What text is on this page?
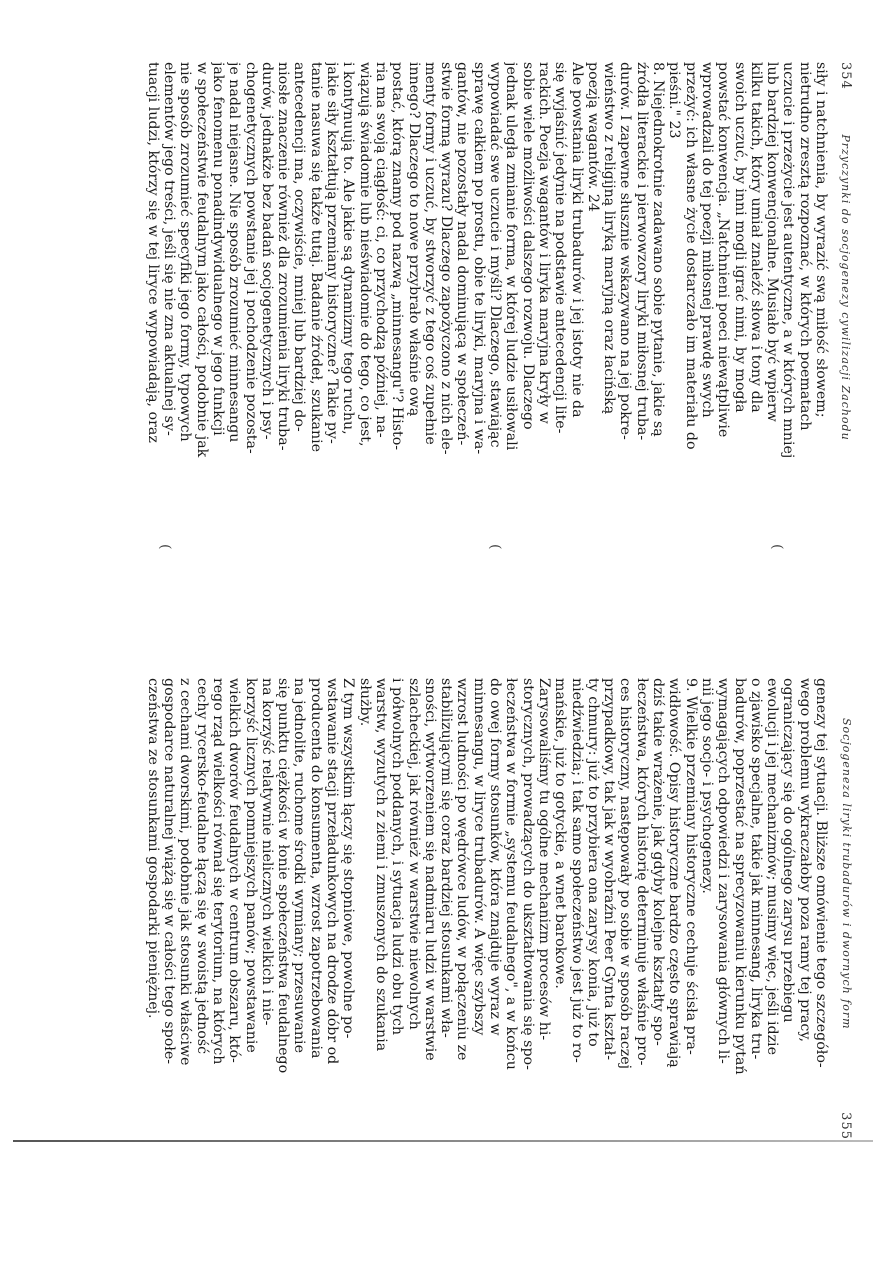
354 Przyczynki do socjogenezy cywilizacji Zachodu
siły i natchnienia, by wyrazić swą miłość słowem;
nietrudno zresztą rozpoznać, w których poematach
uczucie i przeżycie jest autentyczne, a w których mniej
lub bardziej konwencjonalne. Musiało być wpierw
kilku takich, który umiał znaleźć słowa i tony dla
swoich uczuć, by inni mogli igrać nimi, by mogła
powstać konwencja. „Natchnieni poeci niewątpliwie
wprowadzali do tej poezji miłosnej prawdę swych
przeżyć: ich własne życie dostarczało im materiału do
pieśni." 23
8. Niejednokrotnie zadawano sobie pytanie, jakie są
źródła literackie i pierwowzory liryki miłosnej truba-
durów. I zapewne słusznie wskazywano na jej pokre-
wieństwo z religijną liryką maryjną oraz łacińską
poezją wagantów. 24
Ale powstania liryki trubadurów i jej istoty nie da
się wyjaśnić jedynie na podstawie antecedencji lite-
rackich. Poezja wagantów i liryka maryjna kryły w
sobie wiele możliwości dalszego rozwoju. Dlaczego
jednak uległa zmianie forma, w której ludzie usiłowali
wypowiadać swe uczucie i myśli? Dlaczego, stawiając
sprawę całkiem po prostu, obie te liryki, maryjna i wa-
gantów, nie pozostały nadal dominującą w społeczeń-
stwie formą wyrazu? Dlaczego zapożyczono z nich ele-
menty formy i uczuć, by stworzyć z tego coś zupełnie
innego? Dlaczego to nowe przybrało właśnie ową
postać, którą znamy pod nazwą „minnesangu"? Histo-
ria ma swoją ciągłość: ci, co przychodzą później, na-
wiązują świadomie lub nieświadomie do tego, co jest,
i kontynuują to. Ale jakie są dynamizmy tego ruchu,
jakie siły kształtują przemiany historyczne? Takie py-
tanie nasuwa się także tutaj. Badanie źródeł, szukanie
antecedencji ma, oczywiście, mniej lub bardziej do-
niosłe znaczenie również dla zrozumienia liryki truba-
durów, jednakże bez badań socjogenetycznych i psy-
chogenetycznych powstanie jej i pochodzenie pozosta-
je nadal niejasne. Nie sposób zrozumieć minnesangu
jako fenomenu ponadindywidualnego w jego funkcji
w społeczeństwie feudalnym jako całości, podobnie jak
nie sposób zrozumieć specyfiki jego formy, typowych
elementów jego treści, jeśli się nie zna aktualnej sy-
tuacji ludzi, którzy się w tej liryce wypowiadają, oraz
(
(
(
Socjogeneza liryki trubadurów i dwornych form
355
genezy tej sytuacji. Bliższe omówienie tego szczegóło-
wego problemu wykraczałoby poza ramy tej pracy,
ograniczający się do ogólnego zarysu przebiegu
ewolucji i jej mechanizmów; musimy więc, jeśli idzie
o zjawisko specjalne, takie jak minnesang, liryka tru-
badurów, poprzestać na sprecyzowaniu kierunku pytań
wymagających odpowiedzi i zarysowania głównych li-
nii jego socjo- i psychogenezy.
9. Wielkie przemiany historyczne cechuje ścisła pra-
widłowość. Opisy historyczne bardzo często sprawiają
dziś takie wrażenie, jak gdyby kolejne kształty spo-
łeczeństwa, których historię determinuje właśnie pro-
ces historyczny, następowały po sobie w sposób raczej
przypadkowy, tak jak w wyobraźni Peer Gynta kształ-
ty chmury: już to przybiera ona zarysy konia, już to
niedźwiedzia; i tak samo społeczeństwo jest już to ro-
mańskie, już to gotyckie, a wnet barokowe.
Zarysowaliśmy tu ogólne mechanizm procesów hi-
storycznych, prowadzących do ukształtowania się spo-
łeczeństwa w formie „systemu feudalnego", a w końcu
do owej formy stosunków, która znajduje wyraz w
minnesangu, w liryce trubadurów. A więc szybszy
wzrost ludności po wędrówce ludów, w połączeniu ze
stabilizującymi się coraz bardziej stosunkami wła-
sności, wytworzeniem się nadmiaru ludzi w warstwie
szlacheckiej, jak również w warstwie niewolnych
i półwolnych poddanych, i sytuacja ludzi obu tych
warstw, wyzutych z ziemi i zmuszonych do szukania
służby.
Z tym wszystkim łączy się stopniowe, powolne po-
wstawanie stacji przeładunkowych na drodze dóbr od
producenta do konsumenta, wzrost zapotrzebowania
na jednolite, ruchome środki wymiany; przesuwanie
się punktu ciężkości w łonie społeczeństwa feudalnego
na korzyść relatywnie nielicznych wielkich i nie-
korzyść licznych pomniejszych panów; powstawanie
wielkich dworów feudalnych w centrum obszaru, któ-
rego rząd wielkości równał się terytorium, na których
cechy rycersko-feudalne łączą się w swoistą jedność
z cechami dworskimi, podobnie jak stosunki właściwe
gospodarce naturalnej wiążą się w całości tego społe-
czeństwa ze stosunkami gospodarki pieniężnej.
